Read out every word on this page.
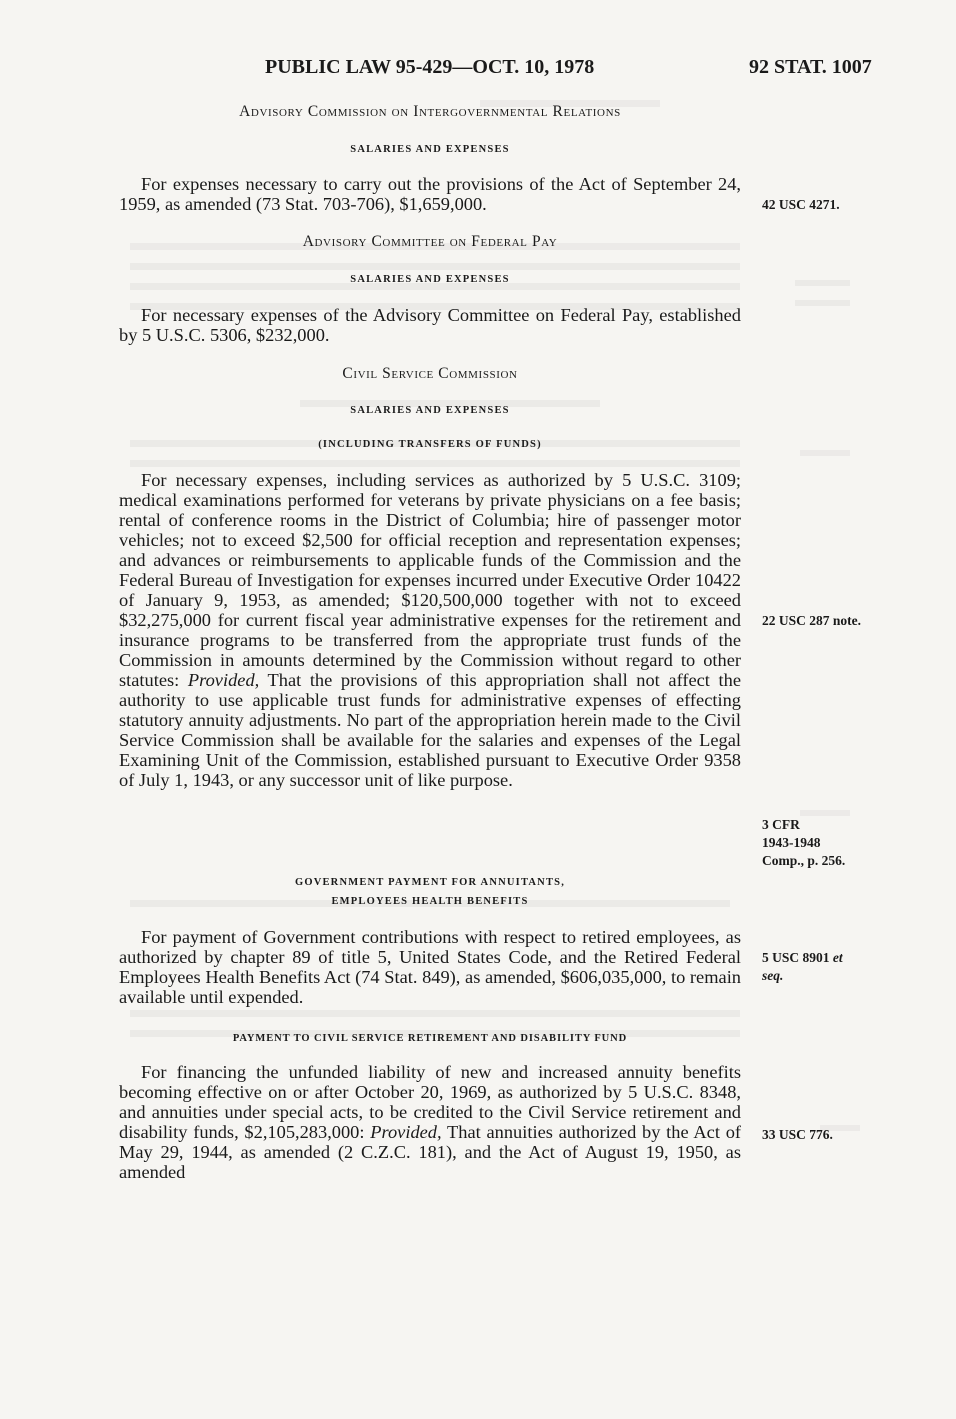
PUBLIC LAW 95-429—OCT. 10, 1978	92 STAT. 1007
Advisory Commission on Intergovernmental Relations
SALARIES AND EXPENSES

For expenses necessary to carry out the provisions of the Act of September 24, 1959, as amended (73 Stat. 703-706), $1,659,000.	42 USC 4271.
Advisory Committee on Federal Pay
SALARIES AND EXPENSES

For necessary expenses of the Advisory Committee on Federal Pay, established by 5 U.S.C. 5306, $232,000.

Civil Service Commission
SALARIES AND EXPENSES
(INCLUDING TRANSFERS OF FUNDS)

For necessary expenses, including services as authorized by 5 U.S.C. 3109; medical examinations performed for veterans by private physicians on a fee basis; rental of conference rooms in the District of Columbia; hire of passenger motor vehicles; not to exceed $2,500 for official reception and representation expenses; and advances or reimbursements to applicable funds of the Commission and the Federal Bureau of Investigation for expenses incurred under Executive Order 10422 of January 9, 1953, as amended; $120,500,000 together with not to exceed $32,275,000 for current fiscal year administrative expenses for the retirement and insurance programs to be transferred from the appropriate trust funds of the Commission in amounts determined by the Commission without regard to other statutes: Provided, That the provisions of this appropriation shall not affect the authority to use applicable trust funds for administrative expenses of effecting statutory annuity adjustments. No part of the appropriation herein made to the Civil Service Commission shall be available for the salaries and expenses of the Legal Examining Unit of the Commission, established pursuant to Executive Order 9358 of July 1, 1943, or any successor unit of like purpose.

22 USC 287 note.
3 CFR
1943-1948
Comp., p. 256.
GOVERNMENT PAYMENT FOR ANNUITANTS,
EMPLOYEES HEALTH BENEFITS

For payment of Government contributions with respect to retired employees, as authorized by chapter 89 of title 5, United States Code, and the Retired Federal Employees Health Benefits Act (74 Stat. 849), as amended, $606,035,000, to remain available until expended.

5 USC 8901 et
seq.
PAYMENT TO CIVIL SERVICE RETIREMENT AND DISABILITY FUND

For financing the unfunded liability of new and increased annuity benefits becoming effective on or after October 20, 1969, as authorized by 5 U.S.C. 8348, and annuities under special acts, to be credited to the Civil Service retirement and disability funds, $2,105,283,000: Provided, That annuities authorized by the Act of May 29, 1944, as amended (2 C.Z.C. 181), and the Act of August 19, 1950, as amended

33 USC 776.
